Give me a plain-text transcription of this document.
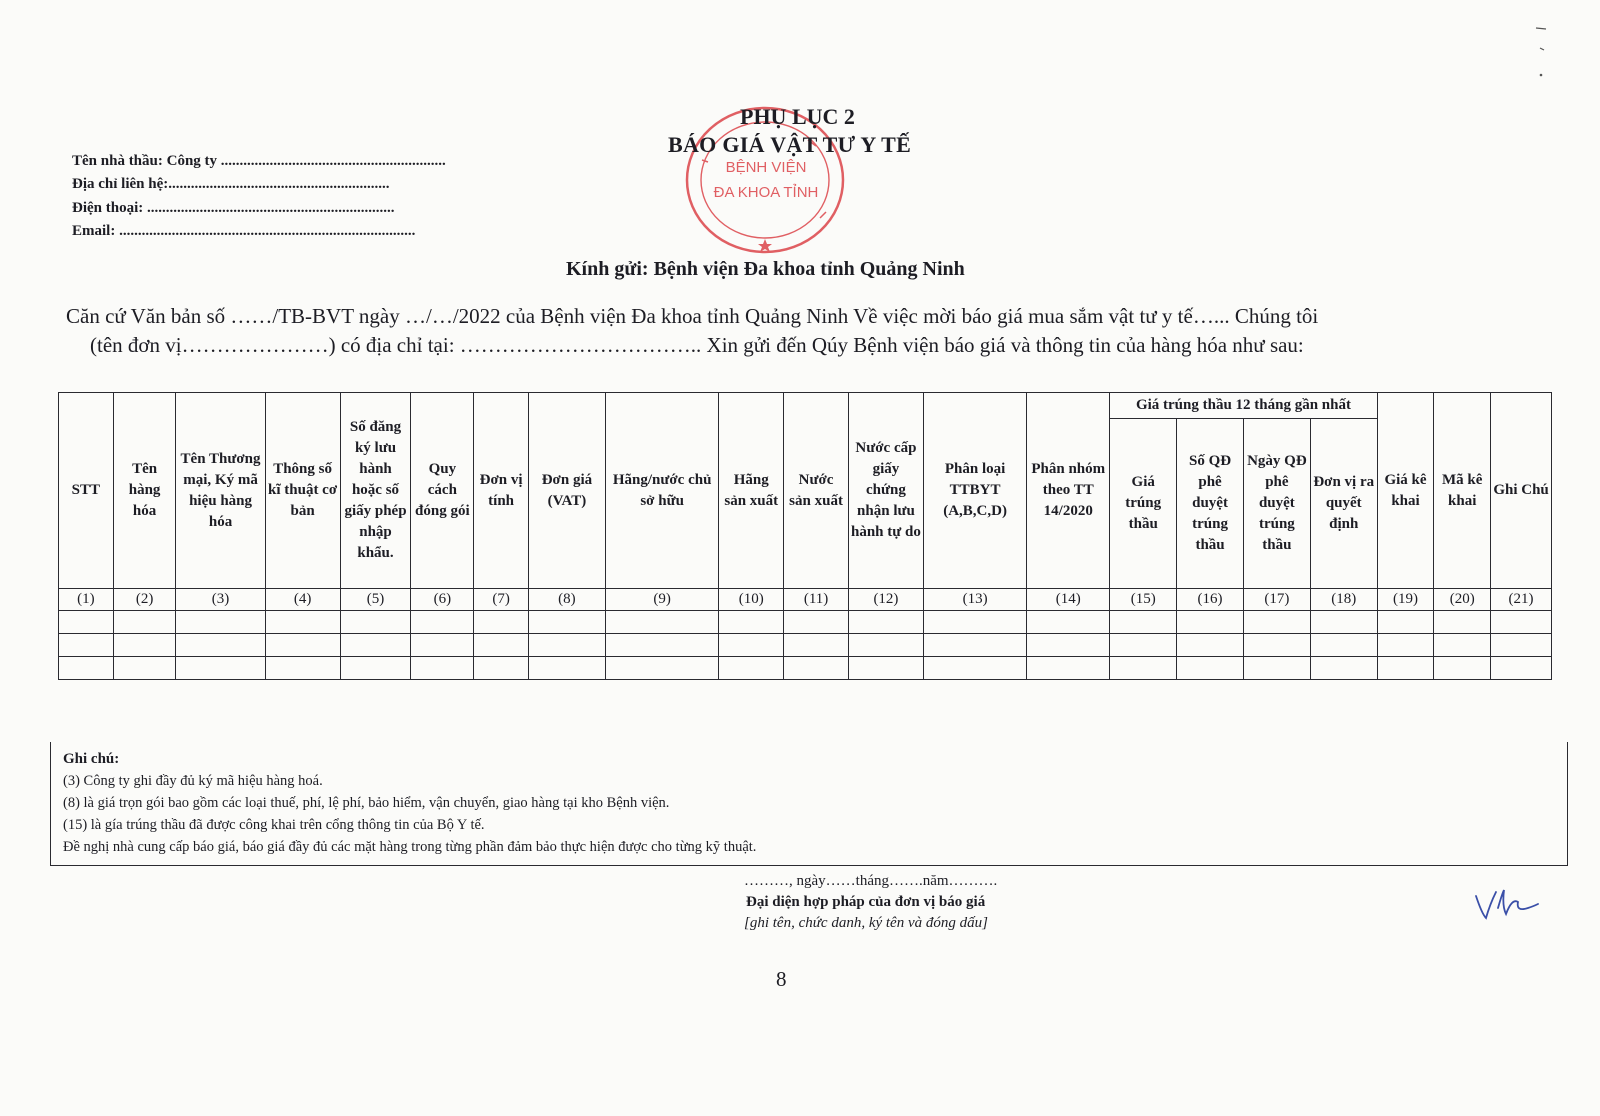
BỆNH VIỆN
ĐA KHOA TỈNH
PHỤ LỤC 2
BÁO GIÁ VẬT TƯ Y TẾ
Tên nhà thầu: Công ty ............................................................
Địa chỉ liên hệ:...........................................................
Điện thoại: ..................................................................
Email: ...............................................................................
Kính gửi: Bệnh viện Đa khoa tỉnh Quảng Ninh
Căn cứ Văn bản số ……/TB-BVT ngày …/…/2022 của Bệnh viện Đa khoa tỉnh Quảng Ninh Về việc mời báo giá mua sắm vật tư y tế…... Chúng tôi
(tên đơn vị…………………) có địa chỉ tại: …………………………….. Xin gửi đến Qúy Bệnh viện báo giá và thông tin của hàng hóa như sau:
STT	Tên hàng hóa	Tên Thương mại, Ký mã hiệu hàng hóa	Thông số kĩ thuật cơ bản	Số đăng ký lưu hành hoặc số giấy phép nhập khẩu.	Quy cách đóng gói	Đơn vị tính	Đơn giá (VAT)	Hãng/nước chủ sở hữu	Hãng sản xuất	Nước sản xuất	Nước cấp giấy chứng nhận lưu hành tự do	Phân loại TTBYT (A,B,C,D)	Phân nhóm theo TT 14/2020	Giá trúng thầu 12 tháng gần nhất				Giá kê khai	Mã kê khai	Ghi Chú
														Giá trúng thầu	Số QĐ phê duyệt trúng thầu	Ngày QĐ phê duyệt trúng thầu	Đơn vị ra quyết định			
(1)	(2)	(3)	(4)	(5)	(6)	(7)	(8)	(9)	(10)	(11)	(12)	(13)	(14)	(15)	(16)	(17)	(18)	(19)	(20)	(21)

Ghi chú:
(3) Công ty ghi đầy đủ ký mã hiệu hàng hoá.
(8) là giá trọn gói bao gồm các loại thuế, phí, lệ phí, bảo hiểm, vận chuyển, giao hàng tại kho Bệnh viện.
(15) là gía trúng thầu đã được công khai trên cổng thông tin của Bộ Y tế.
Đề nghị nhà cung cấp báo giá, báo giá đầy đủ các mặt hàng trong từng phần đảm bảo thực hiện được cho từng kỹ thuật.
………, ngày……tháng…….năm……….
Đại diện hợp pháp của đơn vị báo giá
[ghi tên, chức danh, ký tên và đóng dấu]
8
